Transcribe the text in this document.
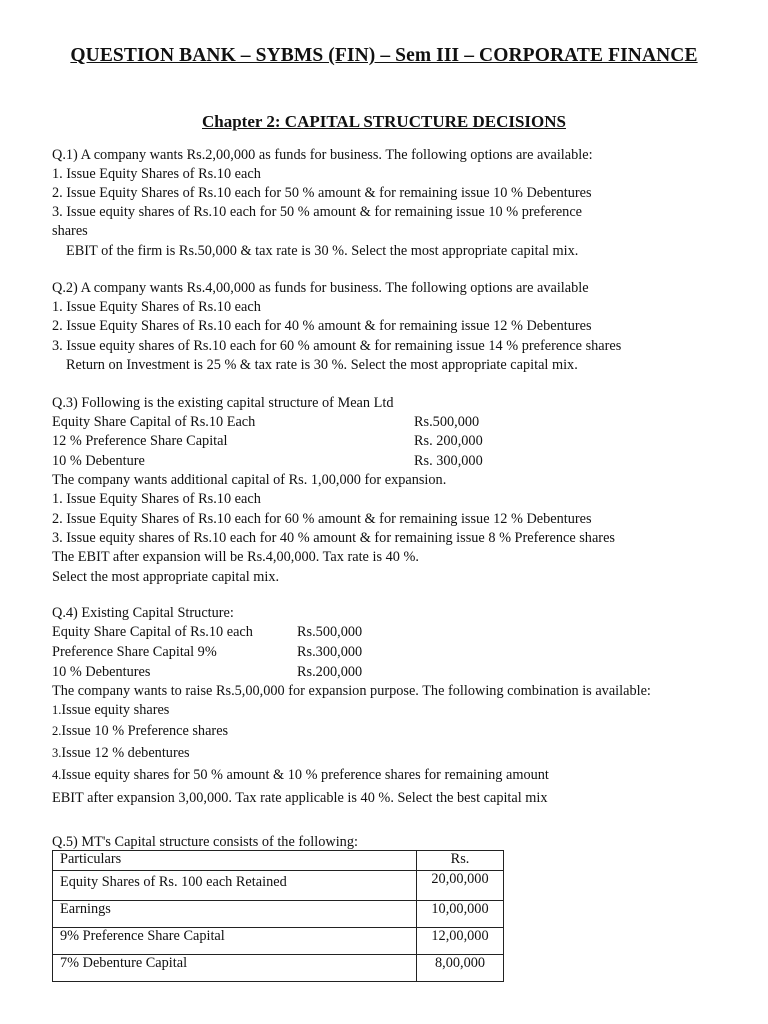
QUESTION BANK – SYBMS (FIN) – Sem III – CORPORATE FINANCE
Chapter 2: CAPITAL STRUCTURE DECISIONS
Q.1) A company wants Rs.2,00,000 as funds for business. The following options are available:
1. Issue Equity Shares of Rs.10 each
2. Issue Equity Shares of Rs.10 each for 50 % amount & for remaining issue 10 % Debentures
3. Issue equity shares of Rs.10 each for 50 % amount & for remaining issue 10 % preference
shares
EBIT of the firm is Rs.50,000 & tax rate is 30 %. Select the most appropriate capital mix.
Q.2) A company wants Rs.4,00,000 as funds for business. The following options are available
1. Issue Equity Shares of Rs.10 each
2. Issue Equity Shares of Rs.10 each for 40 % amount & for remaining issue 12 % Debentures
3. Issue equity shares of Rs.10 each for 60 % amount & for remaining issue 14 % preference shares
Return on Investment is 25 % & tax rate is 30 %. Select the most appropriate capital mix.
Q.3) Following is the existing capital structure of Mean Ltd
Equity Share Capital of Rs.10 Each	Rs.500,000
12 % Preference Share Capital	Rs. 200,000
10 % Debenture	Rs. 300,000
The company wants additional capital of Rs. 1,00,000 for expansion.
1. Issue Equity Shares of Rs.10 each
2. Issue Equity Shares of Rs.10 each for 60 % amount & for remaining issue 12 % Debentures
3. Issue equity shares of Rs.10 each for 40 % amount & for remaining issue 8 % Preference shares
The EBIT after expansion will be Rs.4,00,000. Tax rate is 40 %.
Select the most appropriate capital mix.
Q.4) Existing Capital Structure:
Equity Share Capital of Rs.10 each	Rs.500,000
Preference Share Capital 9%	Rs.300,000
10 % Debentures	Rs.200,000
The company wants to raise Rs.5,00,000 for expansion purpose. The following combination is available:
1.Issue equity shares
2.Issue 10 % Preference shares
3.Issue 12 % debentures
4.Issue equity shares for 50 % amount & 10 % preference shares for remaining amount
EBIT after expansion 3,00,000. Tax rate applicable is 40 %. Select the best capital mix
Q.5) MT's Capital structure consists of the following:
Particulars	Rs.
Equity Shares of Rs. 100 each Retained	20,00,000
Earnings	10,00,000
9% Preference Share Capital	12,00,000
7% Debenture Capital	8,00,000
